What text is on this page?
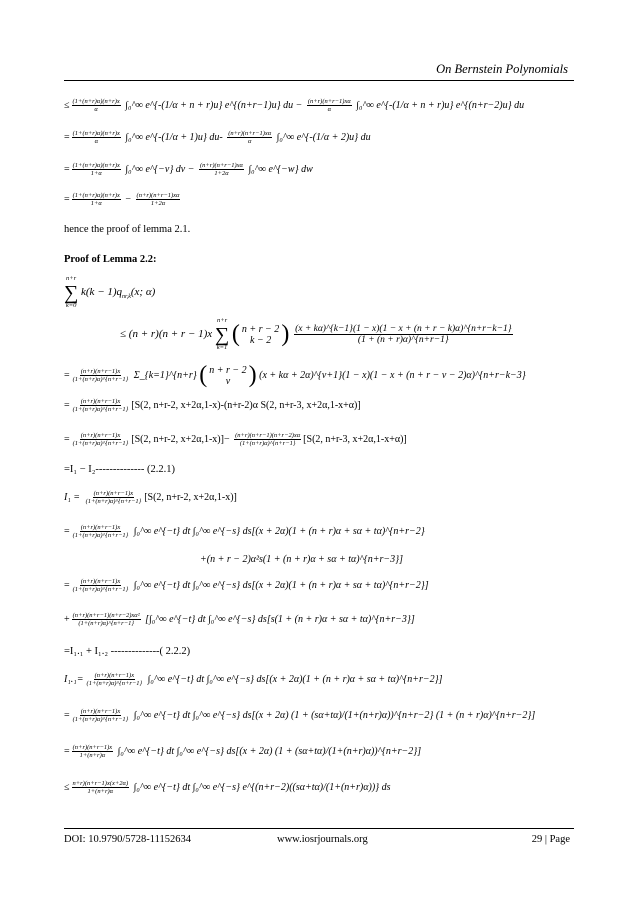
On Bernstein Polynomials
≤ $\frac{(1+(n+r)\alpha)(n+r)x}{\alpha}$ ∫₀^∞ e^{-(1/α + n + r)u} e^{(n+r−1)u} du − $\frac{(n+r)(n+r-1)x\alpha}{\alpha}$ ∫₀^∞ e^{-(1/α + n + r)u} e^{(n+r−2)u} du
= $\frac{(1+(n+r)\alpha)(n+r)x}{\alpha}$ ∫₀^∞ e^{-(1/α + 1)u} $du- \frac{(n+r)(n+r-1)x\alpha}{\alpha}$ ∫₀^∞ e^{-(1/α + 2)u} du
= $\frac{(1+(n+r)\alpha)(n+r)x}{1+\alpha}$ ∫₀^∞ e^{−v} dv − $\frac{(n+r)(n+r-1)x\alpha}{1+2\alpha}$ ∫₀^∞ e^{−w} dw
= $\frac{(1+(n+r)\alpha)(n+r)x}{1+\alpha} - \frac{(n+r)(n+r-1)x\alpha}{1+2\alpha}$
hence the proof of lemma 2.1.
Proof of Lemma 2.2:
n+r
∑
k=0
$k(k - 1)q_{nr,k}(x$; α)
≤ (n + r)(n + r − 1)x
n+r
∑
k=1
( n + r − 2
k − 2 )
$\frac{(x + k\alpha)\^{}\{k-1\}(1 - x)(1 - x + (n + r - k)\alpha)\^{}\{n+r-k-1\}}{(1 + (n + r)\alpha)\^{}\{n+r-1\}}$
= $\frac{(n+r)(n+r-1)x}{(1+(n+r)\alpha)\^{}\{n+r-1\}}$ Σ_{k=1}^{n+r} ( n + r − 2
v ) (x + kα + 2α)^{v+1}(1 − x)(1 − x + (n + r − v − 2)α)^{n+r−k−3}
= $\frac{(n+r)(n+r-1)x}{(1+(n+r)\alpha)\^{}\{n+r-1\}} [S(2$, n+r-2, x+2α,1-x)-(n+r-2)α S(2, n+r-3, x+2α,1-x+α)]
= $\frac{(n+r)(n+r-1)x}{(1+(n+r)\alpha)\^{}\{n+r-1\}} [S(2$, n+r-2, $x+2\alpha,1-x)]- \frac{(n+r)(n+r-1)(n+r-2)x\alpha}{(1+(n+r)\alpha)\^{}\{n+r-1\}} [S(2$, n+r-3, x+2α,1-x+α)]
=I₁ − I₂-------------- (2.2.1)
$I_1 = \frac{(n+r)(n+r-1)x}{(1+(n+r)\alpha)\^{}\{n+r-1\}} [S(2$, n+r-2, x+2α,1-x)]
= $\frac{(n+r)(n+r-1)x}{(1+(n+r)\alpha)\^{}\{n+r-1\}}$ ∫₀^∞ e^{−t} dt ∫₀^∞ e^{−s} ds[(x + 2α)(1 + (n + r)α + sα + tα)^{n+r−2}
+(n + r − 2)α²s(1 + (n + r)α + sα + tα)^{n+r−3}]
= $\frac{(n+r)(n+r-1)x}{(1+(n+r)\alpha)\^{}\{n+r-1\}}$ ∫₀^∞ e^{−t} dt ∫₀^∞ e^{−s} ds[(x + 2α)(1 + (n + r)α + sα + tα)^{n+r−2}]
+ $\frac{\text{(n+r)(n+r−1)(n+r−2)xα²}}{(1+(n+r)\alpha)\^{}\{n+r-1\}}$ [∫₀^∞ e^{−t} dt ∫₀^∞ e^{−s} ds[s(1 + (n + r)α + sα + tα)^{n+r−3}]
=I₁.₁ + I₁.₂ --------------( 2.2.2)
$I_1._1= \frac{(n+r)(n+r-1)x}{(1+(n+r)\alpha)\^{}\{n+r-1\}}$ ∫₀^∞ e^{−t} dt ∫₀^∞ e^{−s} ds[(x + 2α)(1 + (n + r)α + sα + tα)^{n+r−2}]
= $\frac{(n+r)(n+r-1)x}{(1+(n+r)\alpha)\^{}\{n+r-1\}}$ ∫₀^∞ e^{−t} dt ∫₀^∞ e^{−s} ds[(x + 2α) (1 + (sα+tα)/(1+(n+r)α))^{n+r−2} (1 + (n + r)α)^{n+r−2}]
= $\frac{(n+r)(n+r-1)x}{1+(n+r)\alpha}$ ∫₀^∞ e^{−t} dt ∫₀^∞ e^{−s} ds[(x + 2α) (1 + (sα+tα)/(1+(n+r)α))^{n+r−2}]
≤ $\frac{n+r)(n+r-1)x(x+2\alpha)}{1+(n+r)\alpha}$ ∫₀^∞ e^{−t} dt ∫₀^∞ e^{−s} e^{(n+r−2)((sα+tα)/(1+(n+r)α))} ds
DOI: 10.9790/5728-11152634	www.iosrjournals.org	29 | Page
